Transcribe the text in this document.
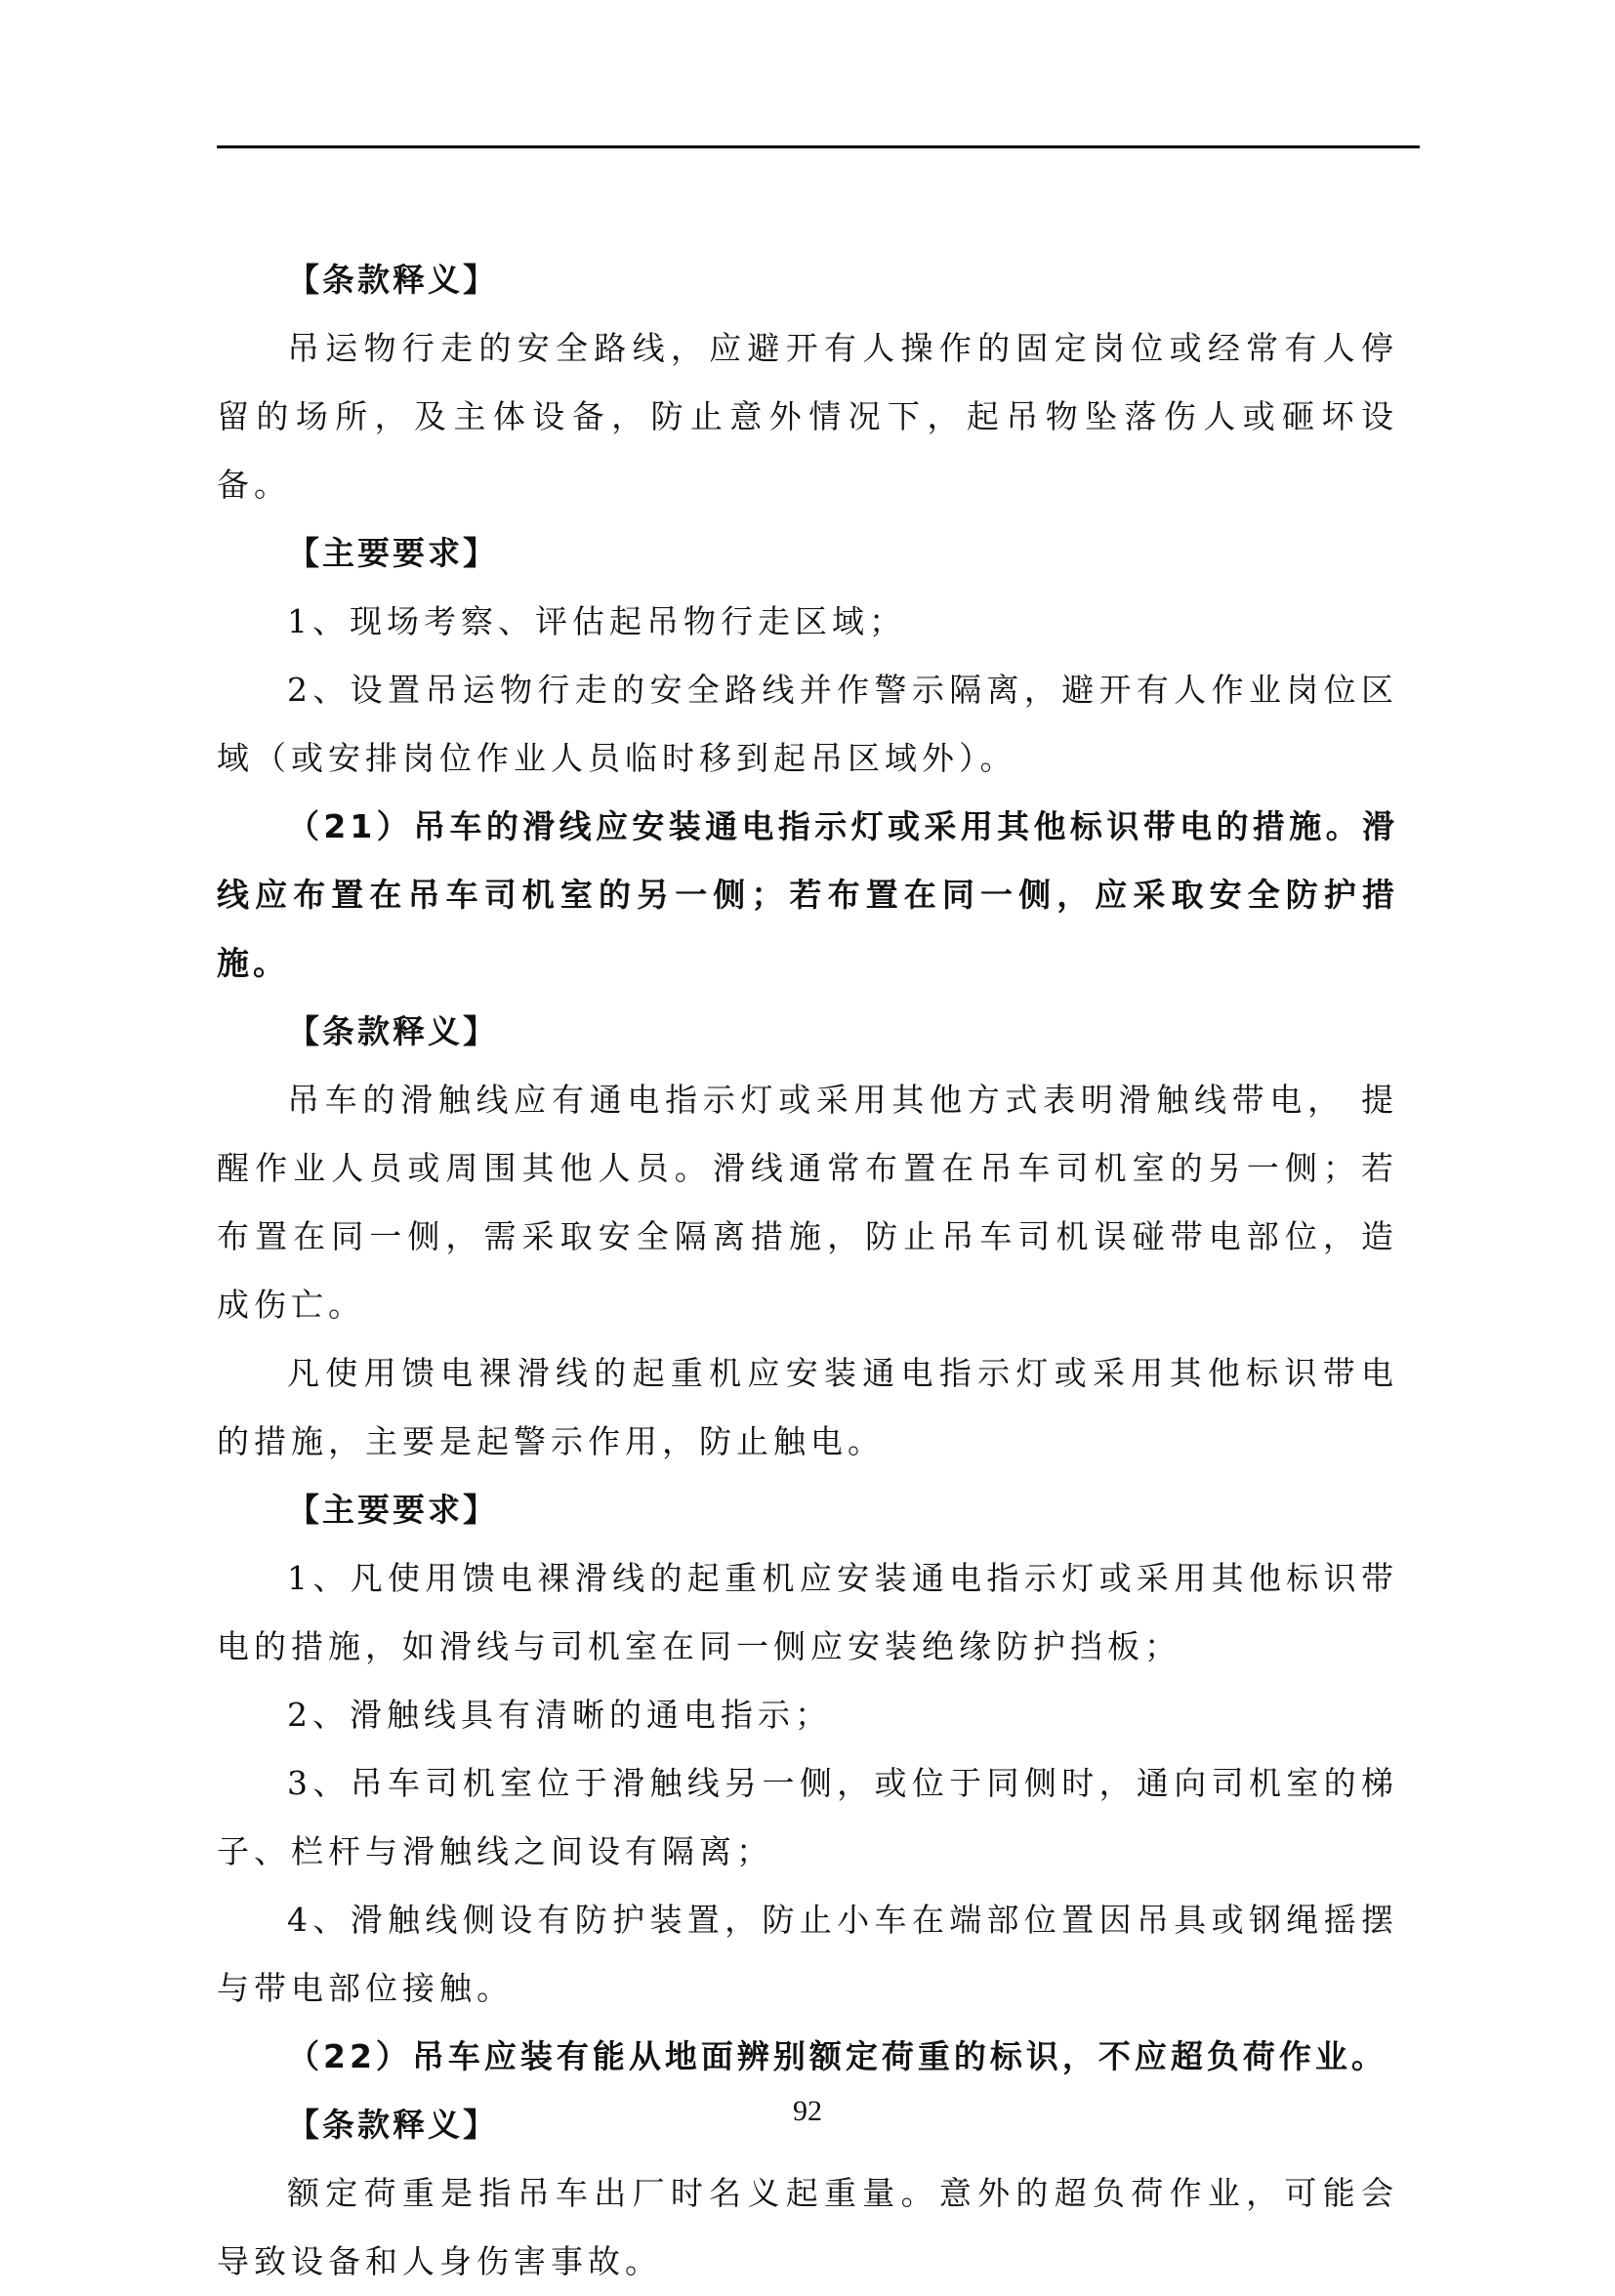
【条款释义】

吊运物行走的安全路线，应避开有人操作的固定岗位或经常有人停留的场所，及主体设备，防止意外情况下，起吊物坠落伤人或砸坏设备。

【主要要求】

1、现场考察、评估起吊物行走区域；

2、设置吊运物行走的安全路线并作警示隔离，避开有人作业岗位区域（或安排岗位作业人员临时移到起吊区域外）。

（21）吊车的滑线应安装通电指示灯或采用其他标识带电的措施。滑线应布置在吊车司机室的另一侧；若布置在同一侧，应采取安全防护措施。

【条款释义】

吊车的滑触线应有通电指示灯或采用其他方式表明滑触线带电， 提醒作业人员或周围其他人员。滑线通常布置在吊车司机室的另一侧；若布置在同一侧，需采取安全隔离措施，防止吊车司机误碰带电部位，造成伤亡。

凡使用馈电裸滑线的起重机应安装通电指示灯或采用其他标识带电的措施，主要是起警示作用，防止触电。

【主要要求】

1、凡使用馈电裸滑线的起重机应安装通电指示灯或采用其他标识带电的措施，如滑线与司机室在同一侧应安装绝缘防护挡板；

2、滑触线具有清晰的通电指示；

3、吊车司机室位于滑触线另一侧，或位于同侧时，通向司机室的梯子、栏杆与滑触线之间设有隔离；

4、滑触线侧设有防护装置，防止小车在端部位置因吊具或钢绳摇摆与带电部位接触。

（22）吊车应装有能从地面辨别额定荷重的标识，不应超负荷作业。

【条款释义】

额定荷重是指吊车出厂时名义起重量。意外的超负荷作业，可能会导致设备和人身伤害事故。

92
